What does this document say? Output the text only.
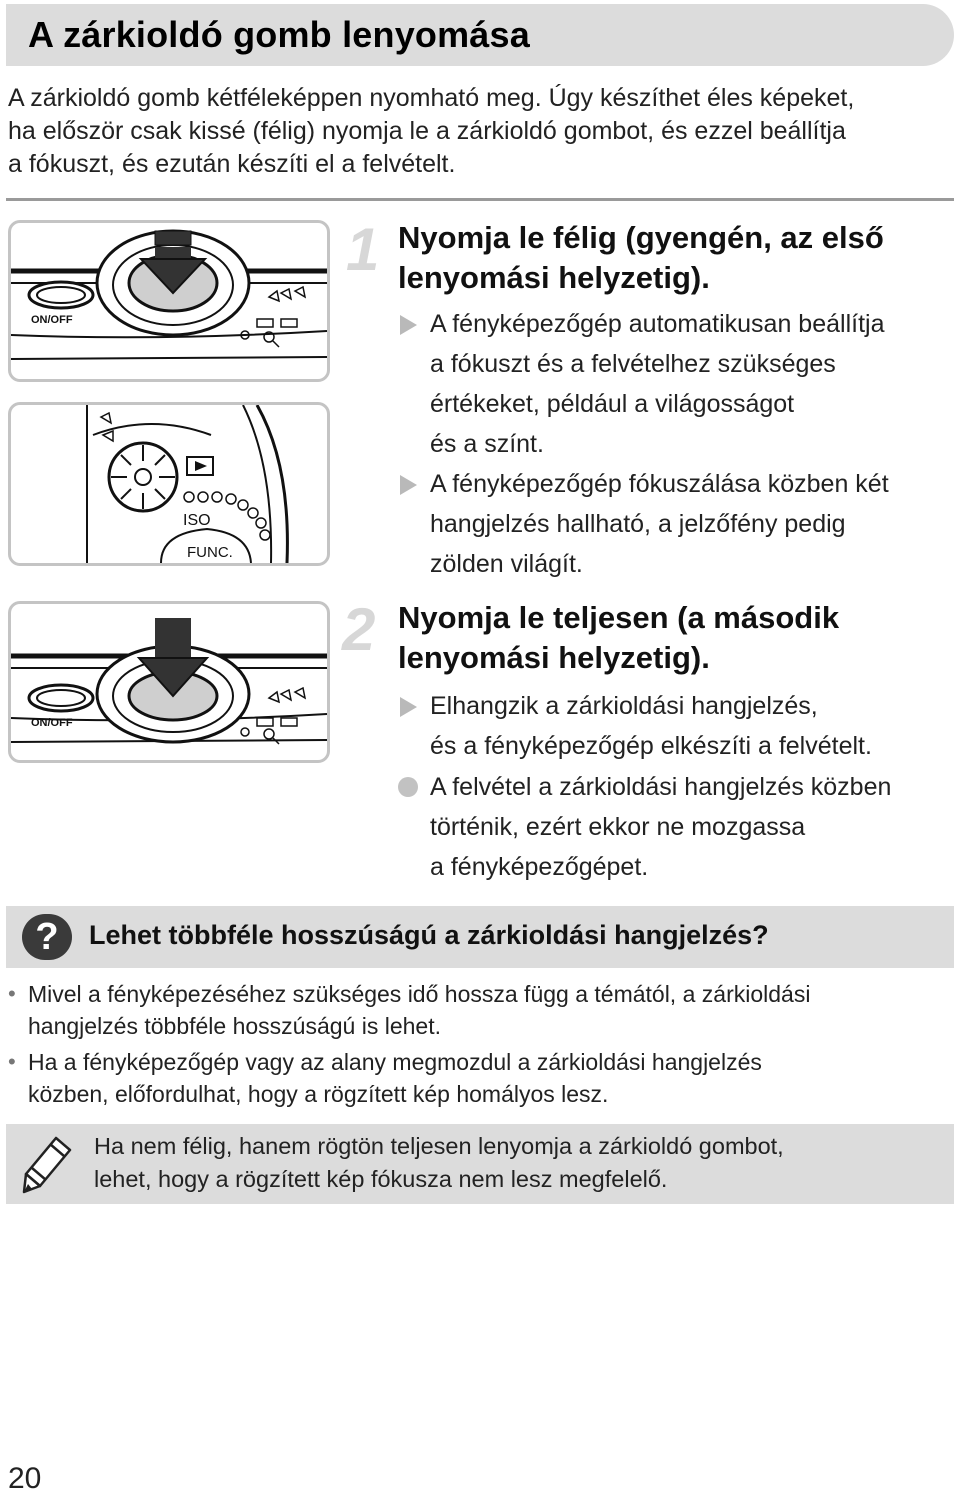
A zárkioldó gomb lenyomása
A zárkioldó gomb kétféleképpen nyomható meg. Úgy készíthet éles képeket,
ha először csak kissé (félig) nyomja le a zárkioldó gombot, és ezzel beállítja
a fókuszt, és ezután készíti el a felvételt.
ON/OFF
ISO
FUNC.
ON/OFF
1 Nyomja le félig (gyengén, az első
lenyomási helyzetig).
A fényképezőgép automatikusan beállítja
a fókuszt és a felvételhez szükséges
értékeket, például a világosságot
és a színt.
A fényképezőgép fókuszálása közben két
hangjelzés hallható, a jelzőfény pedig
zölden világít.
2 Nyomja le teljesen (a második
lenyomási helyzetig).
Elhangzik a zárkioldási hangjelzés,
és a fényképezőgép elkészíti a felvételt.
A felvétel a zárkioldási hangjelzés közben
történik, ezért ekkor ne mozgassa
a fényképezőgépet.
?	Lehet többféle hosszúságú a zárkioldási hangjelzés?
• Mivel a fényképezéséhez szükséges idő hossza függ a témától, a zárkioldási
hangjelzés többféle hosszúságú is lehet.
• Ha a fényképezőgép vagy az alany megmozdul a zárkioldási hangjelzés
közben, előfordulhat, hogy a rögzített kép homályos lesz.
Ha nem félig, hanem rögtön teljesen lenyomja a zárkioldó gombot,
lehet, hogy a rögzített kép fókusza nem lesz megfelelő.
20
